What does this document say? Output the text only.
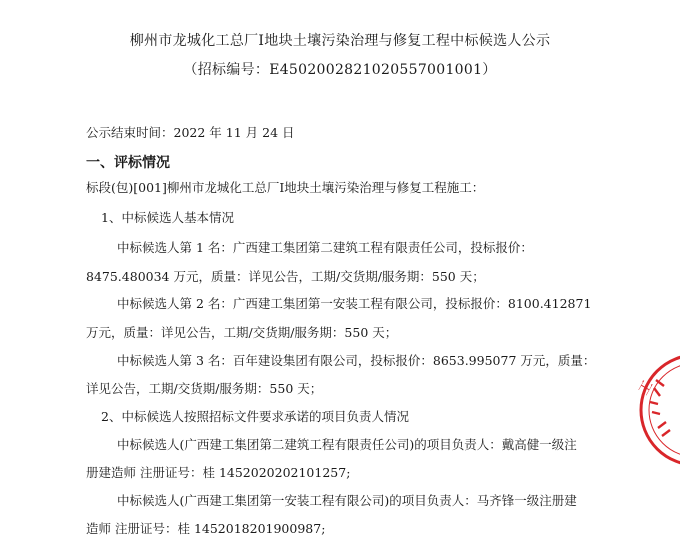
柳州市龙城化工总厂Ⅰ地块土壤污染治理与修复工程中标候选人公示
（招标编号：E4502002821020557001001）
公示结束时间：2022 年 11 月 24 日
一、评标情况
标段(包)[001]柳州市龙城化工总厂Ⅰ地块土壤污染治理与修复工程施工：
1、中标候选人基本情况
中标候选人第 1 名：广西建工集团第二建筑工程有限责任公司，投标报价：
8475.480034 万元，质量：详见公告，工期/交货期/服务期：550 天；
中标候选人第 2 名：广西建工集团第一安装工程有限公司，投标报价：8100.412871
万元，质量：详见公告，工期/交货期/服务期：550 天；
中标候选人第 3 名：百年建设集团有限公司，投标报价：8653.995077 万元，质量：
详见公告，工期/交货期/服务期：550 天；
2、中标候选人按照招标文件要求承诺的项目负责人情况
中标候选人(广西建工集团第二建筑工程有限责任公司)的项目负责人：戴高健一级注
册建造师 注册证号：桂 1452020202101257;
中标候选人(广西建工集团第一安装工程有限公司)的项目负责人：马齐锋一级注册建
造师 注册证号：桂 1452018201900987;
工
